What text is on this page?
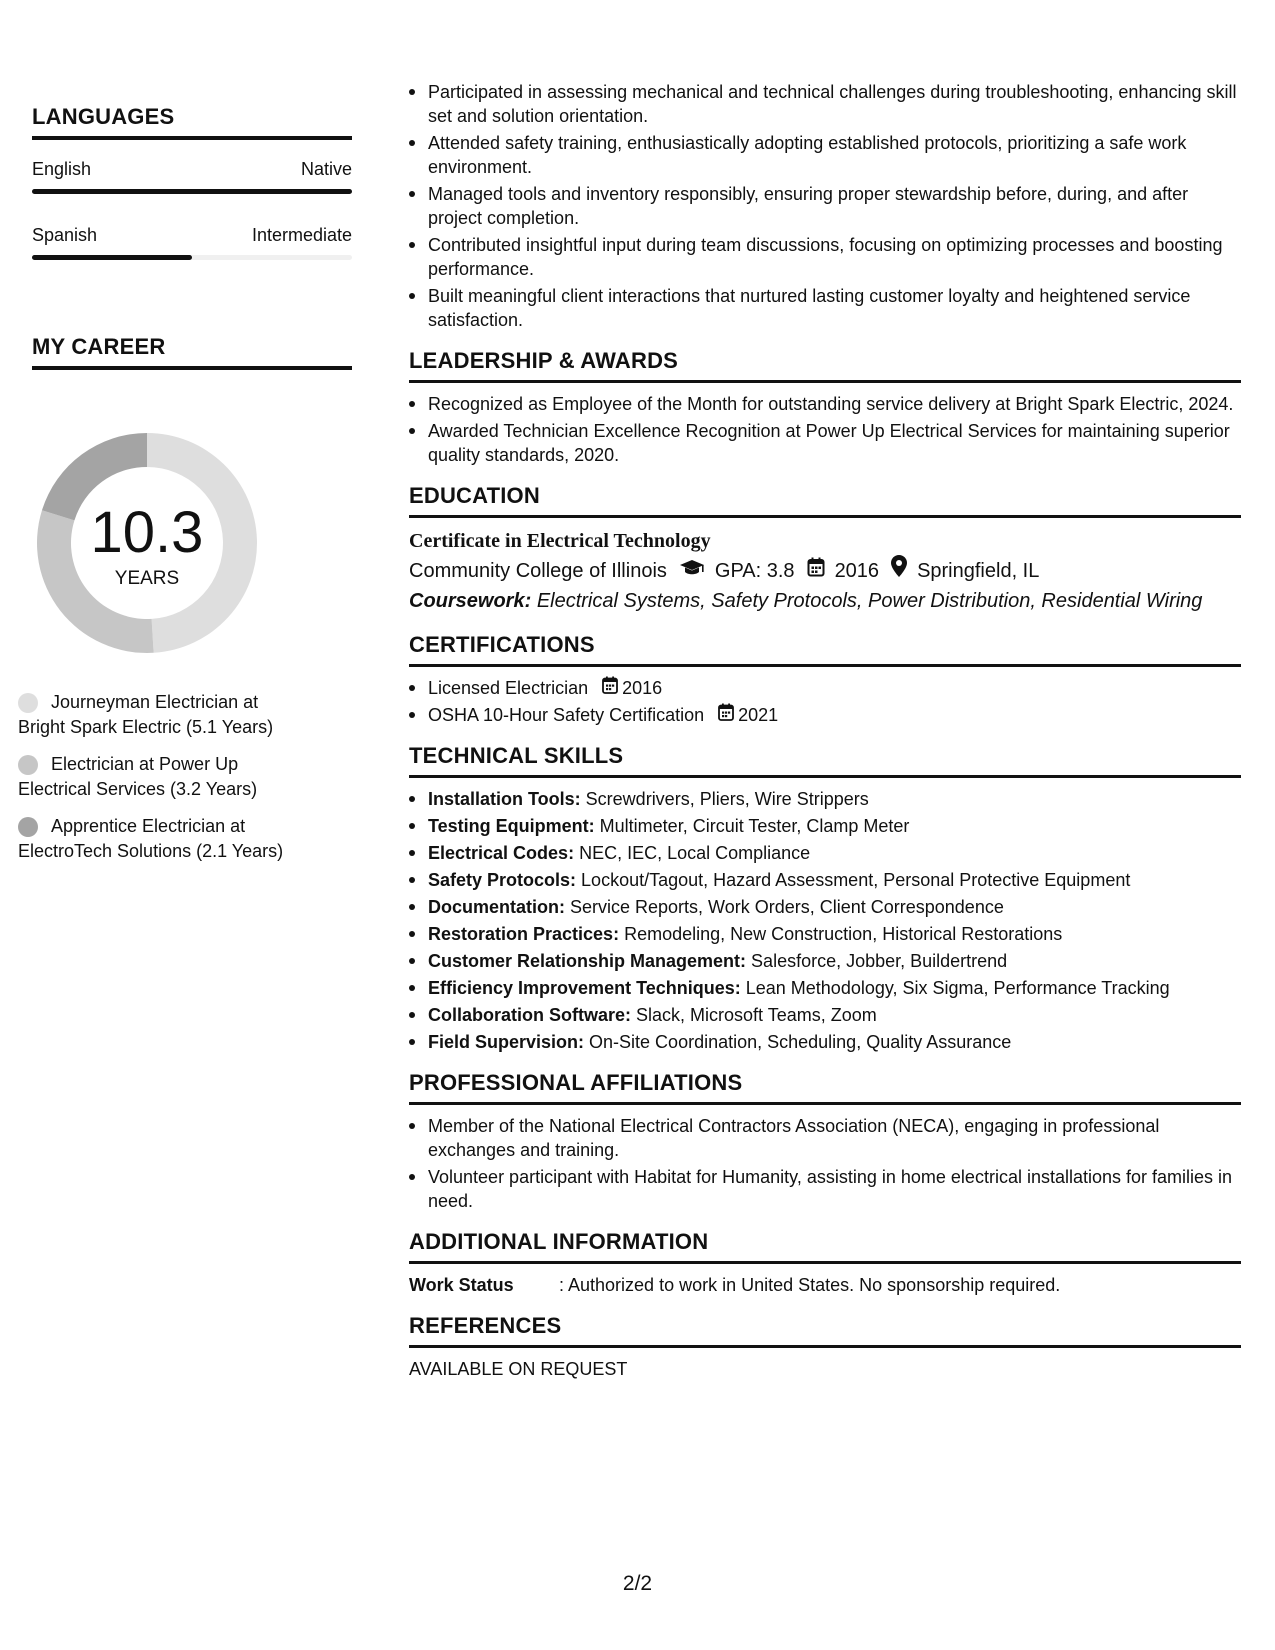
LANGUAGES
English	Native
Spanish	Intermediate
MY CAREER
10.3
YEARS
Journeyman Electrician at Bright Spark Electric (5.1 Years)
Electrician at Power Up Electrical Services (3.2 Years)
Apprentice Electrician at ElectroTech Solutions (2.1 Years)
Participated in assessing mechanical and technical challenges during troubleshooting, enhancing skill set and solution orientation.
Attended safety training, enthusiastically adopting established protocols, prioritizing a safe work environment.
Managed tools and inventory responsibly, ensuring proper stewardship before, during, and after project completion.
Contributed insightful input during team discussions, focusing on optimizing processes and boosting performance.
Built meaningful client interactions that nurtured lasting customer loyalty and heightened service satisfaction.
LEADERSHIP & AWARDS
Recognized as Employee of the Month for outstanding service delivery at Bright Spark Electric, 2024.
Awarded Technician Excellence Recognition at Power Up Electrical Services for maintaining superior quality standards, 2020.
EDUCATION
Certificate in Electrical Technology
Community College of Illinois GPA: 3.8 2016 Springfield, IL
Coursework: Electrical Systems, Safety Protocols, Power Distribution, Residential Wiring
CERTIFICATIONS
Licensed Electrician 2016
OSHA 10-Hour Safety Certification 2021
TECHNICAL SKILLS
Installation Tools: Screwdrivers, Pliers, Wire Strippers
Testing Equipment: Multimeter, Circuit Tester, Clamp Meter
Electrical Codes: NEC, IEC, Local Compliance
Safety Protocols: Lockout/Tagout, Hazard Assessment, Personal Protective Equipment
Documentation: Service Reports, Work Orders, Client Correspondence
Restoration Practices: Remodeling, New Construction, Historical Restorations
Customer Relationship Management: Salesforce, Jobber, Buildertrend
Efficiency Improvement Techniques: Lean Methodology, Six Sigma, Performance Tracking
Collaboration Software: Slack, Microsoft Teams, Zoom
Field Supervision: On-Site Coordination, Scheduling, Quality Assurance
PROFESSIONAL AFFILIATIONS
Member of the National Electrical Contractors Association (NECA), engaging in professional exchanges and training.
Volunteer participant with Habitat for Humanity, assisting in home electrical installations for families in need.
ADDITIONAL INFORMATION
Work Status	: Authorized to work in United States. No sponsorship required.
REFERENCES
AVAILABLE ON REQUEST
2/2
